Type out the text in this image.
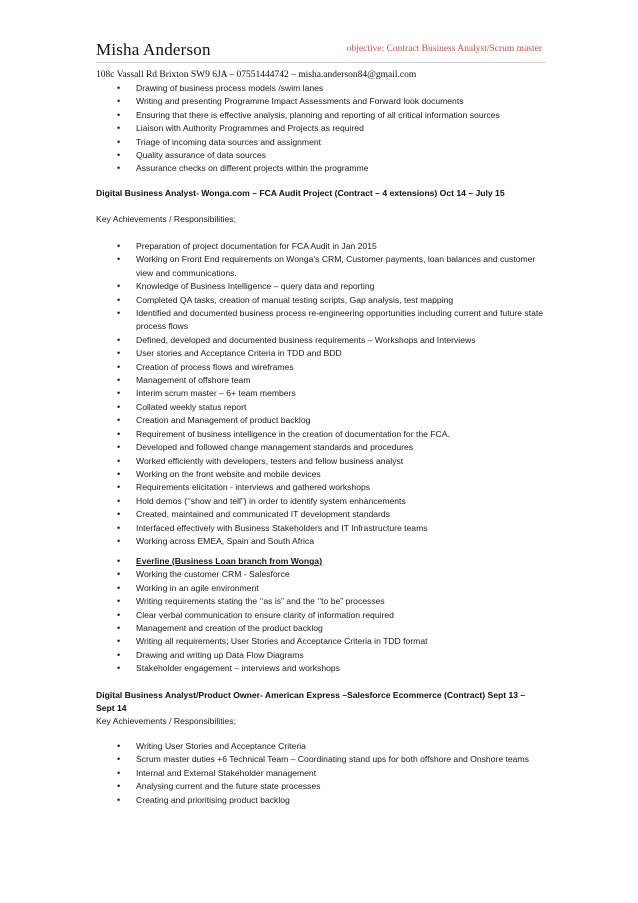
Misha Anderson	objective: Contract Business Analyst/Scrum master
108c Vassall Rd Brixton SW9 6JA – 07551444742 – misha.anderson84@gmail.com
• Drawing of business process models /swim lanes
• Writing and presenting Programme Impact Assessments and Forward look documents
• Ensuring that there is effective analysis, planning and reporting of all critical information sources
• Liaison with Authority Programmes and Projects as required
• Triage of incoming data sources and assignment
• Quality assurance of data sources
• Assurance checks on different projects within the programme
Digital Business Analyst- Wonga.com – FCA Audit Project (Contract – 4 extensions) Oct 14 – July 15
Key Achievements / Responsibilities;
• Preparation of project documentation for FCA Audit in Jan 2015
• Working on Front End requirements on Wonga’s CRM, Customer payments, loan balances and customer view and communications.
• Knowledge of Business Intelligence – query data and reporting
• Completed QA tasks, creation of manual testing scripts, Gap analysis, test mapping
• Identified and documented business process re-engineering opportunities including current and future state process flows
• Defined, developed and documented business requirements – Workshops and Interviews
• User stories and Acceptance Criteria in TDD and BDD
• Creation of process flows and wireframes
• Management of offshore team
• Interim scrum master – 6+ team members
• Collated weekly status report
• Creation and Management of product backlog
• Requirement of business intelligence in the creation of documentation for the FCA.
• Developed and followed change management standards and procedures
• Worked efficiently with developers, testers and fellow business analyst
• Working on the front website and mobile devices
• Requirements elicitation - interviews and gathered workshops
• Hold demos (‘’show and tell”) in order to identify system enhancements
• Created, maintained and communicated IT development standards
• Interfaced effectively with Business Stakeholders and IT Infrastructure teams
• Working across EMEA, Spain and South Africa
• Everline (Business Loan branch from Wonga)
• Working the customer CRM - Salesforce
• Working in an agile environment
• Writing requirements stating the ‘’as is” and the ‘’to be” processes
• Clear verbal communication to ensure clarity of information required
• Management and creation of the product backlog
• Writing all requirements; User Stories and Acceptance Criteria in TDD format
• Drawing and writing up Data Flow Diagrams
• Stakeholder engagement – interviews and workshops
Digital Business Analyst/Product Owner- American Express –Salesforce Ecommerce (Contract) Sept 13 –
Sept 14
Key Achievements / Responsibilities;
• Writing User Stories and Acceptance Criteria
• Scrum master duties +6 Technical Team – Coordinating stand ups for both offshore and Onshore teams
• Internal and External Stakeholder management
• Analysing current and the future state processes
• Creating and prioritising product backlog
